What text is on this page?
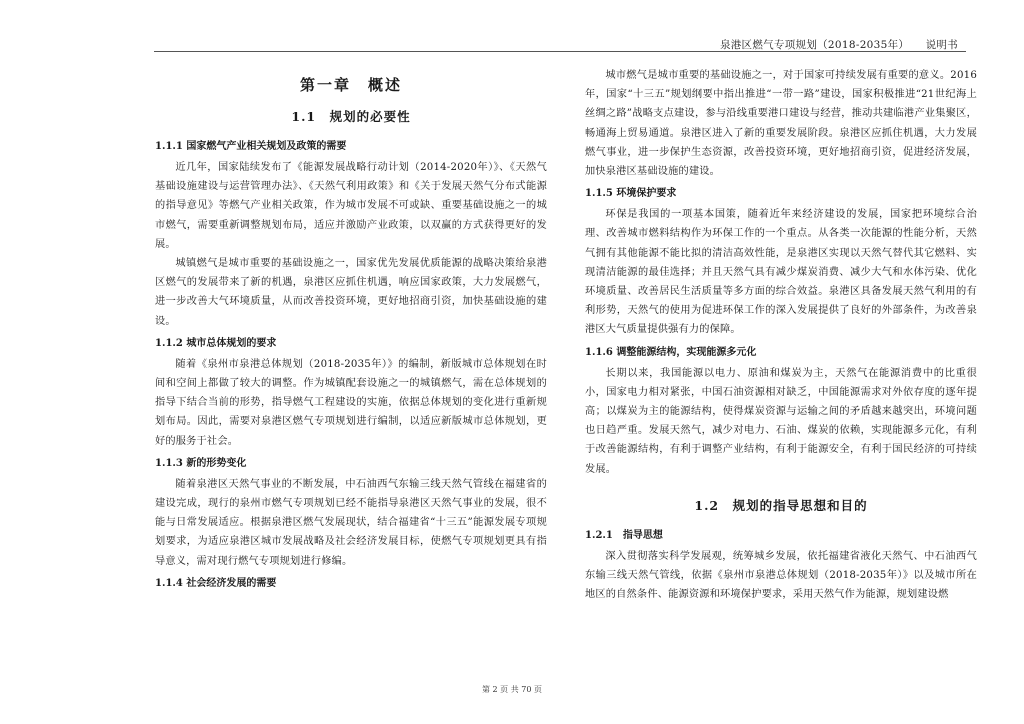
泉港区燃气专项规划（2018-2035年）　　 说明书
第一章　概述
1.1　规划的必要性
1.1.1 国家燃气产业相关规划及政策的需要

近几年，国家陆续发布了《能源发展战略行动计划（2014-2020年）》、《天然气基础设施建设与运营管理办法》、《天然气利用政策》和《关于发展天然气分布式能源的指导意见》等燃气产业相关政策，作为城市发展不可或缺、重要基础设施之一的城市燃气，需要重新调整规划布局，适应并激励产业政策，以双赢的方式获得更好的发展。

城镇燃气是城市重要的基础设施之一，国家优先发展优质能源的战略决策给泉港区燃气的发展带来了新的机遇，泉港区应抓住机遇，响应国家政策，大力发展燃气，进一步改善大气环境质量，从而改善投资环境，更好地招商引资，加快基础设施的建设。

1.1.2 城市总体规划的要求

随着《泉州市泉港总体规划（2018-2035年）》的编制，新版城市总体规划在时间和空间上都做了较大的调整。作为城镇配套设施之一的城镇燃气，需在总体规划的指导下结合当前的形势，指导燃气工程建设的实施，依据总体规划的变化进行重新规划布局。因此，需要对泉港区燃气专项规划进行编制，以适应新版城市总体规划，更好的服务于社会。

1.1.3 新的形势变化

随着泉港区天然气事业的不断发展，中石油西气东输三线天然气管线在福建省的建设完成，现行的泉州市燃气专项规划已经不能指导泉港区天然气事业的发展，很不能与日常发展适应。根据泉港区燃气发展现状，结合福建省“十三五”能源发展专项规划要求，为适应泉港区城市发展战略及社会经济发展目标，使燃气专项规划更具有指导意义，需对现行燃气专项规划进行修编。

1.1.4 社会经济发展的需要

城市燃气是城市重要的基础设施之一，对于国家可持续发展有重要的意义。2016年，国家“十三五”规划纲要中指出推进“一带一路”建设，国家积极推进“21世纪海上丝绸之路”战略支点建设，参与沿线重要港口建设与经营，推动共建临港产业集聚区，畅通海上贸易通道。泉港区进入了新的重要发展阶段。泉港区应抓住机遇，大力发展燃气事业，进一步保护生态资源，改善投资环境，更好地招商引资，促进经济发展，加快泉港区基础设施的建设。

1.1.5 环境保护要求

环保是我国的一项基本国策，随着近年来经济建设的发展，国家把环境综合治理、改善城市燃料结构作为环保工作的一个重点。从各类一次能源的性能分析，天然气拥有其他能源不能比拟的清洁高效性能，是泉港区实现以天然气替代其它燃料、实现清洁能源的最佳选择；并且天然气具有减少煤炭消费、减少大气和水体污染、优化环境质量、改善居民生活质量等多方面的综合效益。泉港区具备发展天然气利用的有利形势，天然气的使用为促进环保工作的深入发展提供了良好的外部条件，为改善泉港区大气质量提供强有力的保障。

1.1.6 调整能源结构，实现能源多元化

长期以来，我国能源以电力、原油和煤炭为主，天然气在能源消费中的比重很小，国家电力相对紧张，中国石油资源相对缺乏，中国能源需求对外依存度的逐年提高；以煤炭为主的能源结构，使得煤炭资源与运输之间的矛盾越来越突出，环境问题也日趋严重。发展天然气，减少对电力、石油、煤炭的依赖，实现能源多元化，有利于改善能源结构，有利于调整产业结构，有利于能源安全，有利于国民经济的可持续发展。

1.2　规划的指导思想和目的
1.2.1　指导思想

深入贯彻落实科学发展观，统筹城乡发展，依托福建省液化天然气、中石油西气东输三线天然气管线，依据《泉州市泉港总体规划（2018-2035年）》以及城市所在地区的自然条件、能源资源和环境保护要求，采用天然气作为能源，规划建设燃

第 2 页 共 70 页
